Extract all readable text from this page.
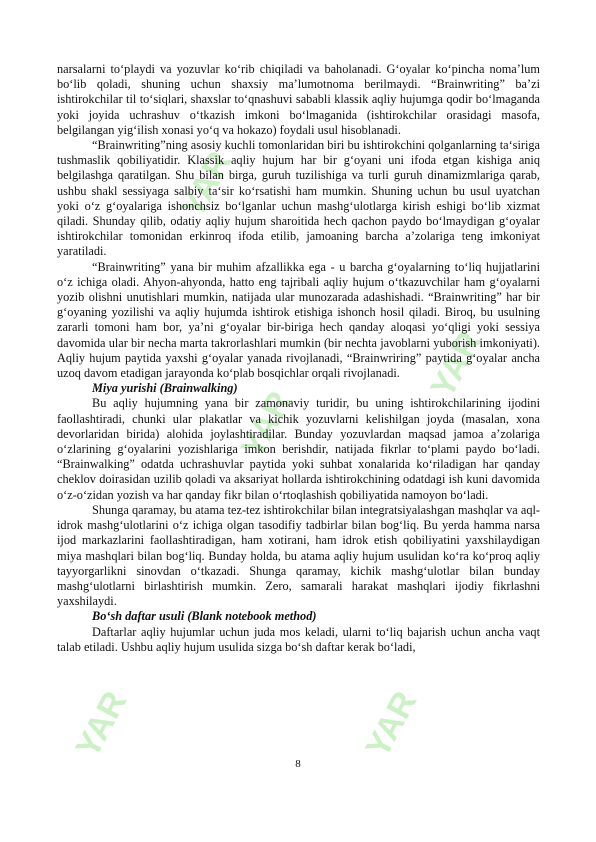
YAR	YAR
YAR
YAR
YAR

narsalarni to‘playdi va yozuvlar ko‘rib chiqiladi va baholanadi. G‘oyalar ko‘pincha noma’lum bo‘lib qoladi, shuning uchun shaxsiy ma’lumotnoma berilmaydi. “Brainwriting” ba’zi ishtirokchilar til to‘siqlari, shaxslar to‘qnashuvi sababli klassik aqliy hujumga qodir bo‘lmaganda yoki joyida uchrashuv o‘tkazish imkoni bo‘lmaganida (ishtirokchilar orasidagi masofa, belgilangan yig‘ilish xonasi yo‘q va hokazo) foydali usul hisoblanadi.

“Brainwriting”ning asosiy kuchli tomonlaridan biri bu ishtirokchini qolganlarning ta‘siriga tushmaslik qobiliyatidir. Klassik aqliy hujum har bir g‘oyani uni ifoda etgan kishiga aniq belgilashga qaratilgan. Shu bilan birga, guruh tuzilishiga va turli guruh dinamizmlariga qarab, ushbu shakl sessiyaga salbiy ta‘sir ko‘rsatishi ham mumkin. Shuning uchun bu usul uyatchan yoki o‘z g‘oyalariga ishonchsiz bo‘lganlar uchun mashg‘ulotlarga kirish eshigi bo‘lib xizmat qiladi. Shunday qilib, odatiy aqliy hujum sharoitida hech qachon paydo bo‘lmaydigan g‘oyalar ishtirokchilar tomonidan erkinroq ifoda etilib, jamoaning barcha a’zolariga teng imkoniyat yaratiladi.

“Brainwriting” yana bir muhim afzallikka ega - u barcha g‘oyalarning to‘liq hujjatlarini o‘z ichiga oladi. Ahyon-ahyonda, hatto eng tajribali aqliy hujum o‘tkazuvchilar ham g‘oyalarni yozib olishni unutishlari mumkin, natijada ular munozarada adashishadi. “Brainwriting” har bir g‘oyaning yozilishi va aqliy hujumda ishtirok etishiga ishonch hosil qiladi. Biroq, bu usulning zararli tomoni ham bor, ya’ni g‘oyalar bir-biriga hech qanday aloqasi yo‘qligi yoki sessiya davomida ular bir necha marta takrorlashlari mumkin (bir nechta javoblarni yuborish imkoniyati). Aqliy hujum paytida yaxshi g‘oyalar yanada rivojlanadi, “Brainwriring” paytida g‘oyalar ancha uzoq davom etadigan jarayonda ko‘plab bosqichlar orqali rivojlanadi.

Miya yurishi (Brainwalking)

Bu aqliy hujumning yana bir zamonaviy turidir, bu uning ishtirokchilarining ijodini faollashtiradi, chunki ular plakatlar va kichik yozuvlarni kelishilgan joyda (masalan, xona devorlaridan birida) alohida joylashtiradilar. Bunday yozuvlardan maqsad jamoa a’zolariga o‘zlarining g‘oyalarini yozishlariga imkon berishdir, natijada fikrlar to‘plami paydo bo‘ladi. “Brainwalking” odatda uchrashuvlar paytida yoki suhbat xonalarida ko‘riladigan har qanday cheklov doirasidan uzilib qoladi va aksariyat hollarda ishtirokchining odatdagi ish kuni davomida o‘z-o‘zidan yozish va har qanday fikr bilan o‘rtoqlashish qobiliyatida namoyon bo‘ladi.

Shunga qaramay, bu atama tez-tez ishtirokchilar bilan integratsiyalashgan mashqlar va aql-idrok mashg‘ulotlarini o‘z ichiga olgan tasodifiy tadbirlar bilan bog‘liq. Bu yerda hamma narsa ijod markazlarini faollashtiradigan, ham xotirani, ham idrok etish qobiliyatini yaxshilaydigan miya mashqlari bilan bog‘liq. Bunday holda, bu atama aqliy hujum usulidan ko‘ra ko‘proq aqliy tayyorgarlikni sinovdan o‘tkazadi. Shunga qaramay, kichik mashg‘ulotlar bilan bunday mashg‘ulotlarni birlashtirish mumkin. Zero, samarali harakat mashqlari ijodiy fikrlashni yaxshilaydi.

Bo‘sh daftar usuli (Blank notebook method)

Daftarlar aqliy hujumlar uchun juda mos keladi, ularni to‘liq bajarish uchun ancha vaqt talab etiladi. Ushbu aqliy hujum usulida sizga bo‘sh daftar kerak bo‘ladi,

8
